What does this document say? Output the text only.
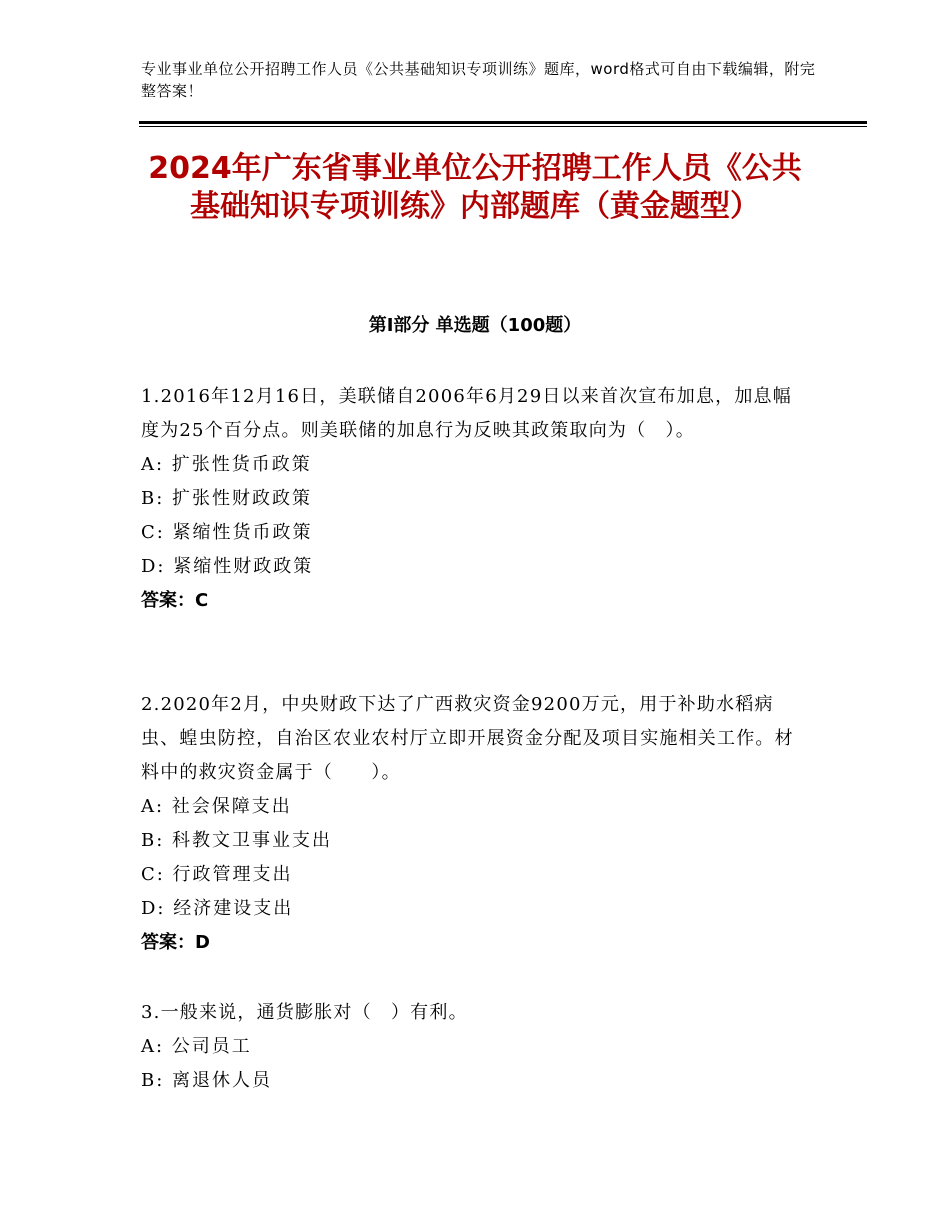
专业事业单位公开招聘工作人员《公共基础知识专项训练》题库，word格式可自由下载编辑，附完整答案！
2024年广东省事业单位公开招聘工作人员《公共基础知识专项训练》内部题库（黄金题型）
第Ⅰ部分 单选题（100题）

1.2016年12月16日，美联储自2006年6月29日以来首次宣布加息，加息幅度为25个百分点。则美联储的加息行为反映其政策取向为（　）。

A: 扩张性货币政策

B: 扩张性财政政策

C: 紧缩性货币政策

D: 紧缩性财政政策

答案：C

2.2020年2月，中央财政下达了广西救灾资金9200万元，用于补助水稻病虫、蝗虫防控，自治区农业农村厅立即开展资金分配及项目实施相关工作。材料中的救灾资金属于（　　）。

A: 社会保障支出

B: 科教文卫事业支出

C: 行政管理支出

D: 经济建设支出

答案：D

3.一般来说，通货膨胀对（　）有利。

A: 公司员工

B: 离退休人员
